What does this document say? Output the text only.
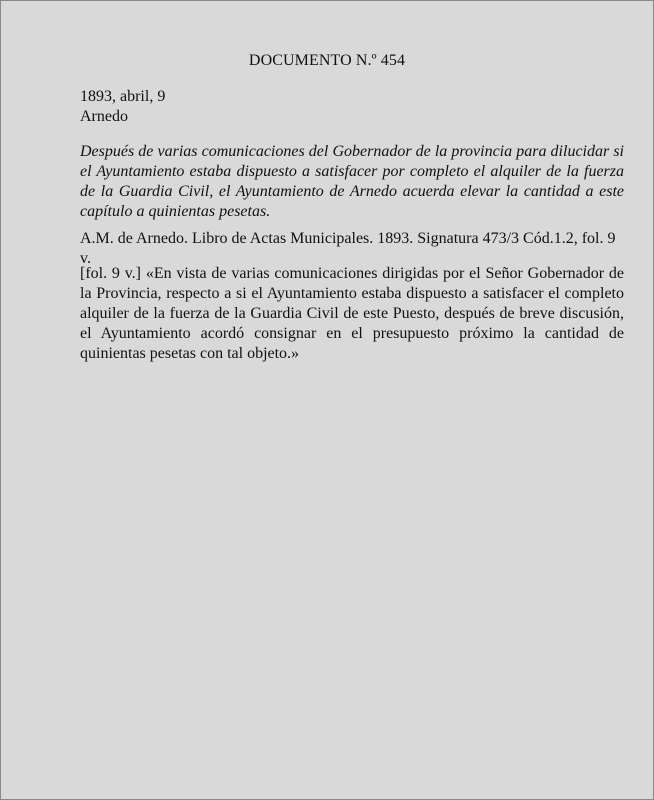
DOCUMENTO N.º 454
1893, abril, 9
Arnedo
Después de varias comunicaciones del Gobernador de la provincia para dilucidar si el Ayuntamiento estaba dispuesto a satisfacer por completo el alquiler de la fuerza de la Guardia Civil, el Ayuntamiento de Arnedo acuerda elevar la cantidad a este capítulo a quinientas pesetas.
A.M. de Arnedo. Libro de Actas Municipales. 1893. Signatura 473/3 Cód.1.2, fol. 9 v.
[fol. 9 v.] «En vista de varias comunicaciones dirigidas por el Señor Gobernador de la Provincia, respecto a si el Ayuntamiento estaba dispuesto a satisfacer el completo alquiler de la fuerza de la Guardia Civil de este Puesto, después de breve discusión, el Ayuntamiento acordó consignar en el presupuesto próximo la cantidad de quinientas pesetas con tal objeto.»
